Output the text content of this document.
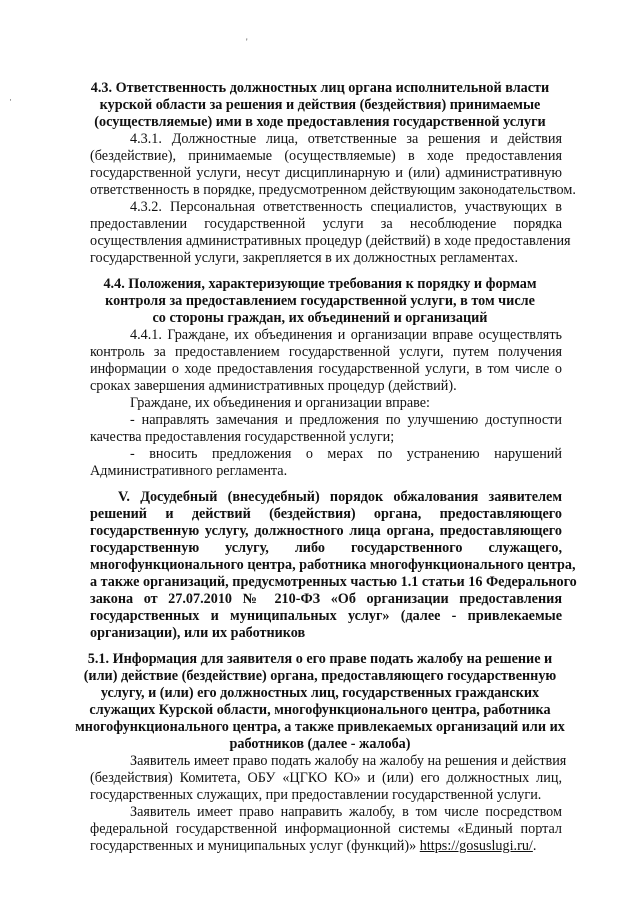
'
·
4.3. Ответственность должностных лиц органа исполнительной власти
курской области за решения и действия (бездействия) принимаемые
(осуществляемые) ими в ходе предоставления государственной услуги
4.3.1. Должностные лица, ответственные за решения и действия
(бездействие), принимаемые (осуществляемые) в ходе предоставления
государственной услуги, несут дисциплинарную и (или) административную
ответственность в порядке, предусмотренном действующим законодательством.
4.3.2. Персональная ответственность специалистов, участвующих в
предоставлении государственной услуги за несоблюдение порядка
осуществления административных процедур (действий) в ходе предоставления
государственной услуги, закрепляется в их должностных регламентах.
4.4. Положения, характеризующие требования к порядку и формам
контроля за предоставлением государственной услуги, в том числе
со стороны граждан, их объединений и организаций
4.4.1. Граждане, их объединения и организации вправе осуществлять
контроль за предоставлением государственной услуги, путем получения
информации о ходе предоставления государственной услуги, в том числе о
сроках завершения административных процедур (действий).
Граждане, их объединения и организации вправе:
- направлять замечания и предложения по улучшению доступности
качества предоставления государственной услуги;
- вносить предложения о мерах по устранению нарушений
Административного регламента.
V. Досудебный (внесудебный) порядок обжалования заявителем
решений и действий (бездействия) органа, предоставляющего
государственную услугу, должностного лица органа, предоставляющего
государственную услугу, либо государственного служащего,
многофункционального центра, работника многофункционального центра,
а также организаций, предусмотренных частью 1.1 статьи 16 Федерального
закона от 27.07.2010 № 210-ФЗ «Об организации предоставления
государственных и муниципальных услуг» (далее - привлекаемые
организации), или их работников
5.1. Информация для заявителя о его праве подать жалобу на решение и
(или) действие (бездействие) органа, предоставляющего государственную
услугу, и (или) его должностных лиц, государственных гражданских
служащих Курской области, многофункционального центра, работника
многофункционального центра, а также привлекаемых организаций или их
работников (далее - жалоба)
Заявитель имеет право подать жалобу на жалобу на решения и действия
(бездействия) Комитета, ОБУ «ЦГКО КО» и (или) его должностных лиц,
государственных служащих, при предоставлении государственной услуги.
Заявитель имеет право направить жалобу, в том числе посредством
федеральной государственной информационной системы «Единый портал
государственных и муниципальных услуг (функций)» https://gosuslugi.ru/.
